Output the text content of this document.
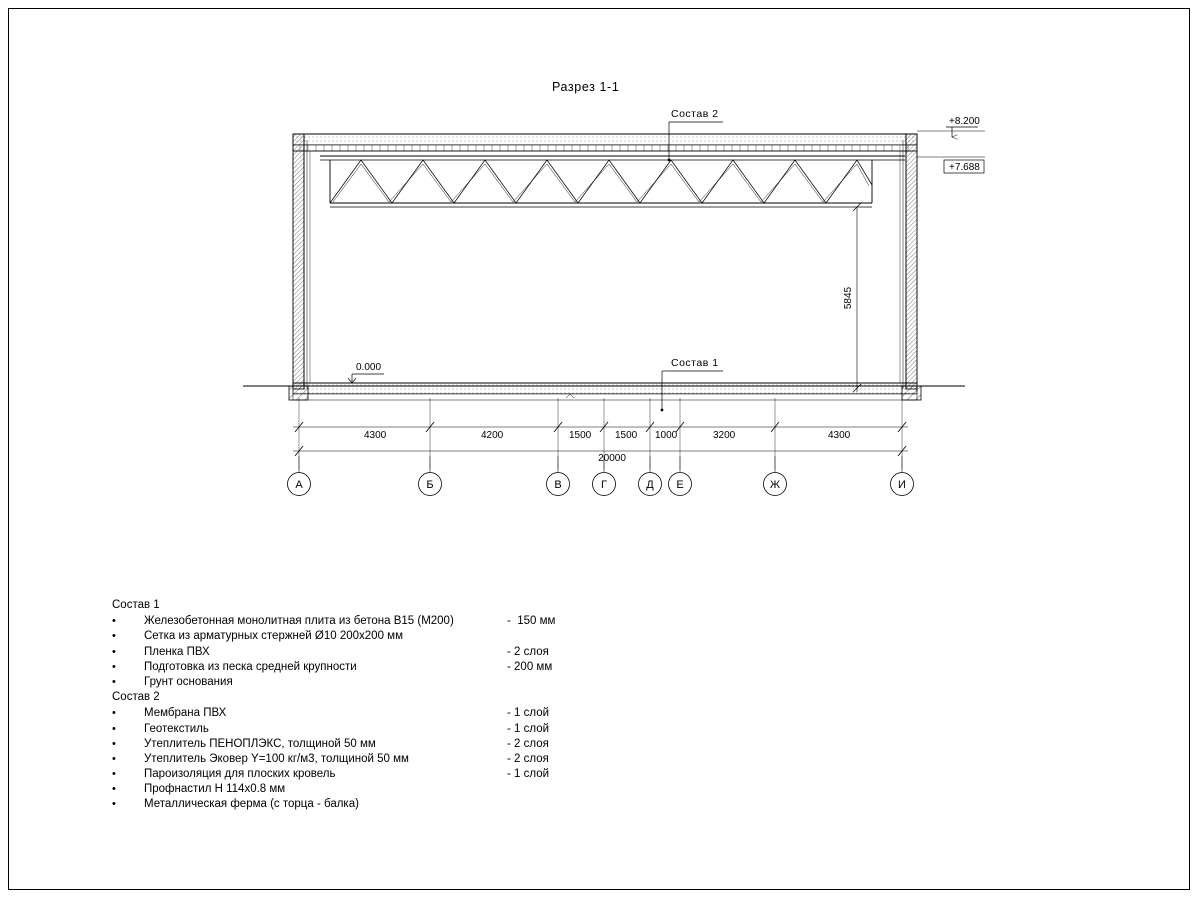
Разрез 1-1
Состав 2
Состав 1
+8.200
+7.688
0.000
5845
4300	4200	1500 1500 1000	3200	4300
20000
А	Б	В	Г	Д Е	Ж	И
Состав 1
•	Железобетонная монолитная плита из бетона В15 (М200)	-  150 мм
•	Сетка из арматурных стержней Ø10 200х200 мм
•	Пленка ПВХ	- 2 слоя
•	Подготовка из песка средней крупности	- 200 мм
•	Грунт основания
Состав 2
•	Мембрана ПВХ	- 1 слой
•	Геотекстиль	- 1 слой
•	Утеплитель ПЕНОПЛЭКС, толщиной 50 мм	- 2 слоя
•	Утеплитель Эковер Y=100 кг/м3, толщиной 50 мм	- 2 слоя
•	Пароизоляция для плоских кровель	- 1 слой
•	Профнастил Н 114х0.8 мм
•	Металлическая ферма (с торца - балка)
